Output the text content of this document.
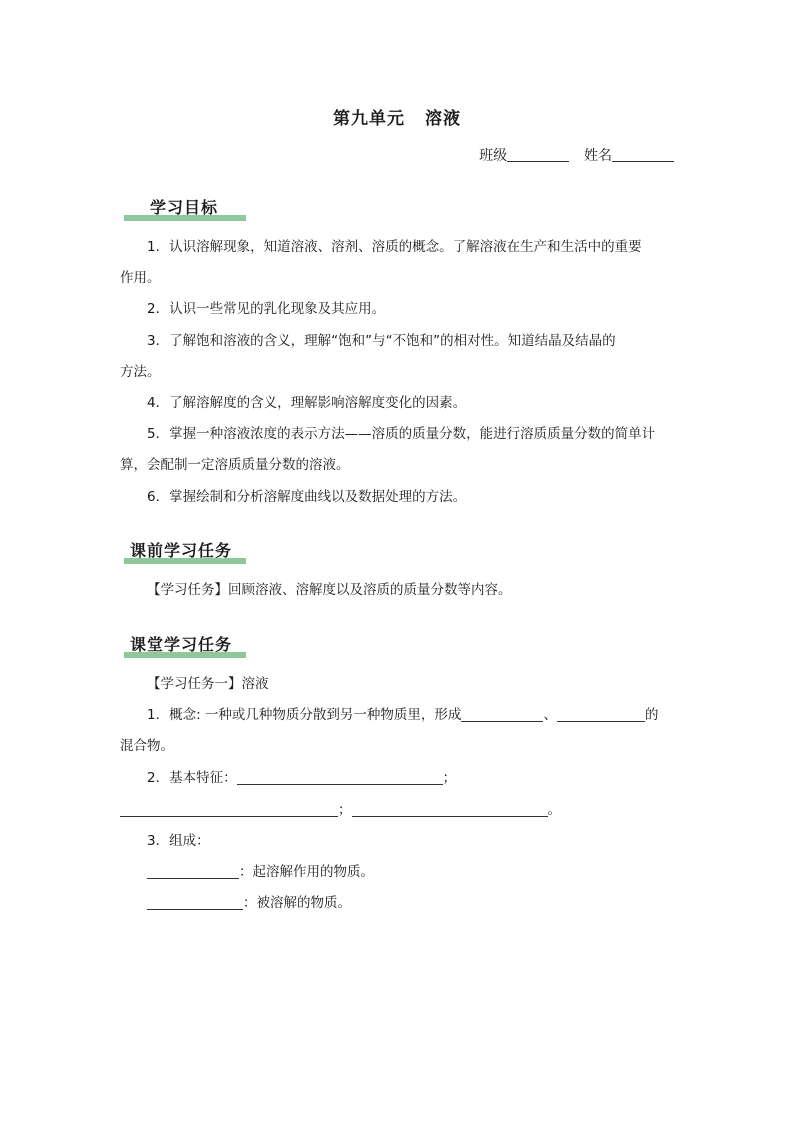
第九单元 溶液
班级	姓名
学习目标
1．认识溶解现象，知道溶液、溶剂、溶质的概念。了解溶液在生产和生活中的重要
作用。
2．认识一些常见的乳化现象及其应用。
3．了解饱和溶液的含义，理解“饱和”与“不饱和”的相对性。知道结晶及结晶的
方法。
4．了解溶解度的含义，理解影响溶解度变化的因素。
5．掌握一种溶液浓度的表示方法——溶质的质量分数，能进行溶质质量分数的简单计
算，会配制一定溶质质量分数的溶液。
6．掌握绘制和分析溶解度曲线以及数据处理的方法。
课前学习任务
【学习任务】回顾溶液、溶解度以及溶质的质量分数等内容。
课堂学习任务
【学习任务一】溶液
1．概念: 一种或几种物质分散到另一种物质里，形成	、	的
混合物。
2．基本特征：	；
；	。
3．组成：
：起溶解作用的物质。
：被溶解的物质。
